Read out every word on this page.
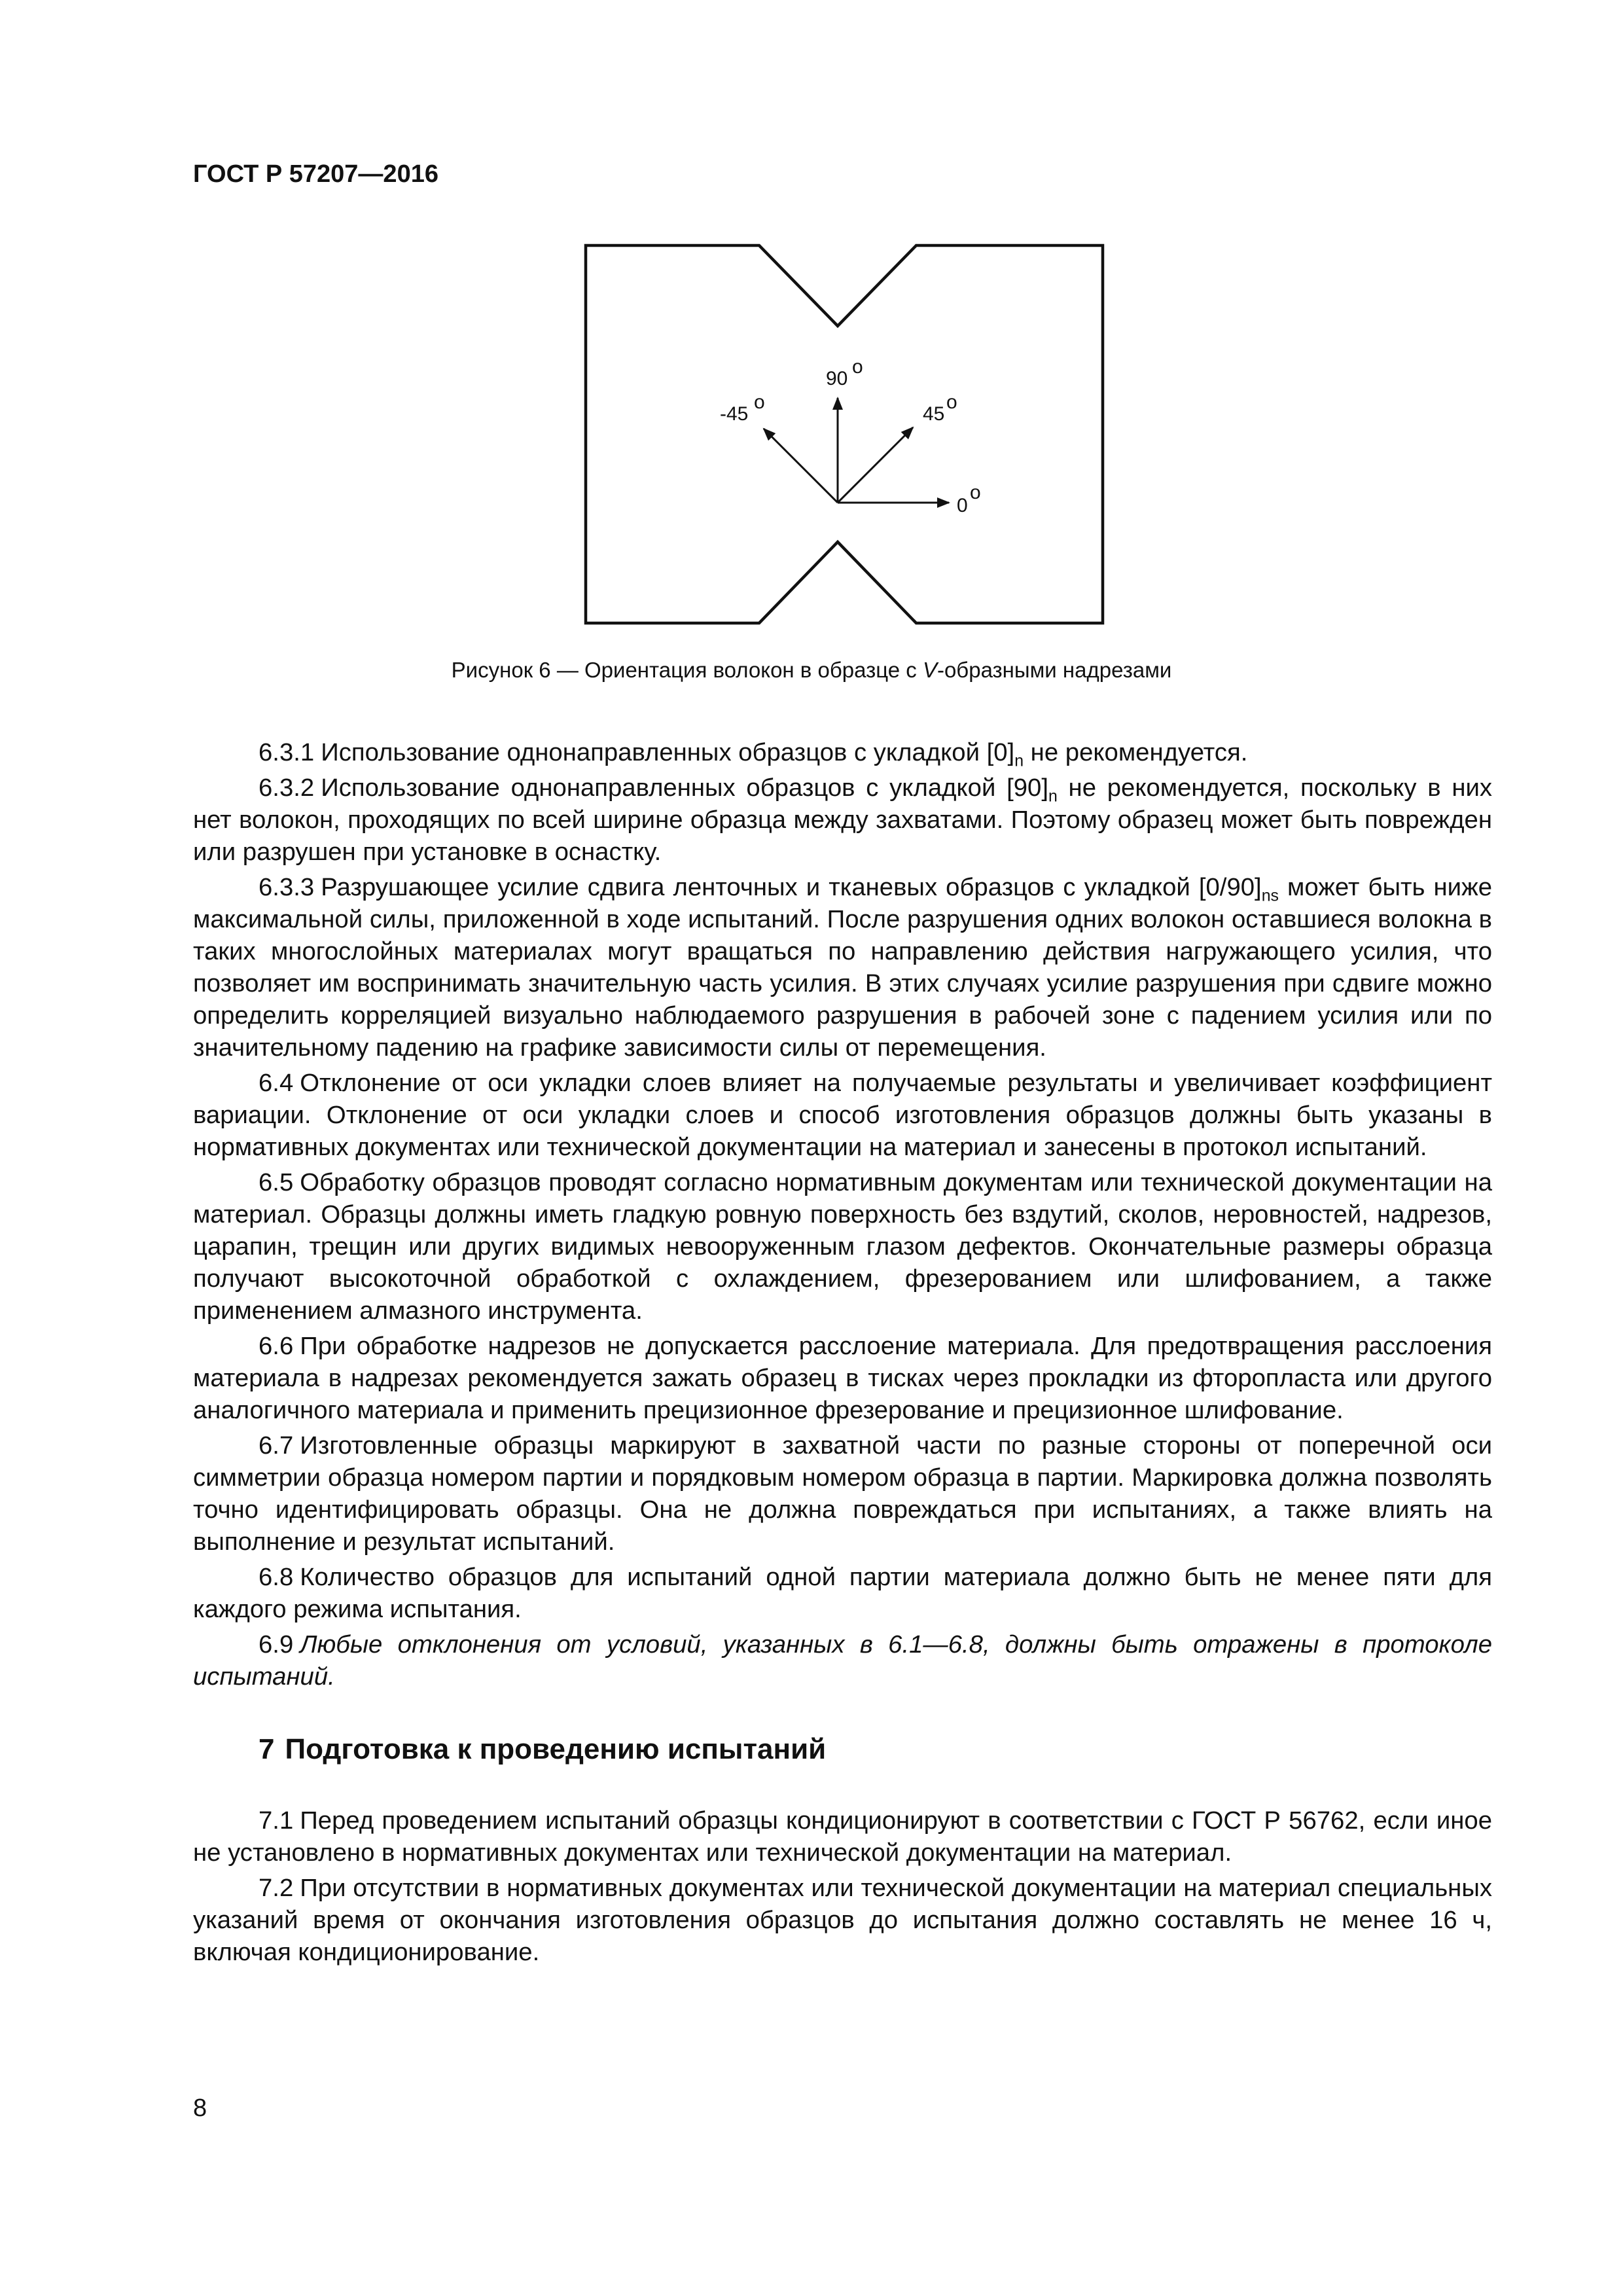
ГОСТ Р 57207—2016
90
o
-45
o
45
o
0
o
Рисунок 6 — Ориентация волокон в образце с V-образными надрезами

6.3.1 Использование однонаправленных образцов с укладкой $[0]_n$ не рекомендуется.

6.3.2 Использование однонаправленных образцов с укладкой $[90]_n$ не рекомендуется, поскольку в них нет волокон, проходящих по всей ширине образца между захватами. Поэтому образец может быть поврежден или разрушен при установке в оснастку.

6.3.3 Разрушающее усилие сдвига ленточных и тканевых образцов с укладкой $[0/90]_{ns}$ может быть ниже максимальной силы, приложенной в ходе испытаний. После разрушения одних волокон оставшиеся волокна в таких многослойных материалах могут вращаться по направлению действия нагружающего усилия, что позволяет им воспринимать значительную часть усилия. В этих случаях усилие разрушения при сдвиге можно определить корреляцией визуально наблюдаемого разрушения в рабочей зоне с падением усилия или по значительному падению на графике зависимости силы от перемещения.

6.4 Отклонение от оси укладки слоев влияет на получаемые результаты и увеличивает коэффициент вариации. Отклонение от оси укладки слоев и способ изготовления образцов должны быть указаны в нормативных документах или технической документации на материал и занесены в протокол испытаний.

6.5 Обработку образцов проводят согласно нормативным документам или технической документации на материал. Образцы должны иметь гладкую ровную поверхность без вздутий, сколов, неровностей, надрезов, царапин, трещин или других видимых невооруженным глазом дефектов. Окончательные размеры образца получают высокоточной обработкой с охлаждением, фрезерованием или шлифованием, а также применением алмазного инструмента.

6.6 При обработке надрезов не допускается расслоение материала. Для предотвращения расслоения материала в надрезах рекомендуется зажать образец в тисках через прокладки из фторопласта или другого аналогичного материала и применить прецизионное фрезерование и прецизионное шлифование.

6.7 Изготовленные образцы маркируют в захватной части по разные стороны от поперечной оси симметрии образца номером партии и порядковым номером образца в партии. Маркировка должна позволять точно идентифицировать образцы. Она не должна повреждаться при испытаниях, а также влиять на выполнение и результат испытаний.

6.8 Количество образцов для испытаний одной партии материала должно быть не менее пяти для каждого режима испытания.

6.9 Любые отклонения от условий, указанных в 6.1—6.8, должны быть отражены в протоколе испытаний.

7 Подготовка к проведению испытаний

7.1 Перед проведением испытаний образцы кондиционируют в соответствии с ГОСТ Р 56762, если иное не установлено в нормативных документах или технической документации на материал.

7.2 При отсутствии в нормативных документах или технической документации на материал специальных указаний время от окончания изготовления образцов до испытания должно составлять не менее 16 ч, включая кондиционирование.

8
